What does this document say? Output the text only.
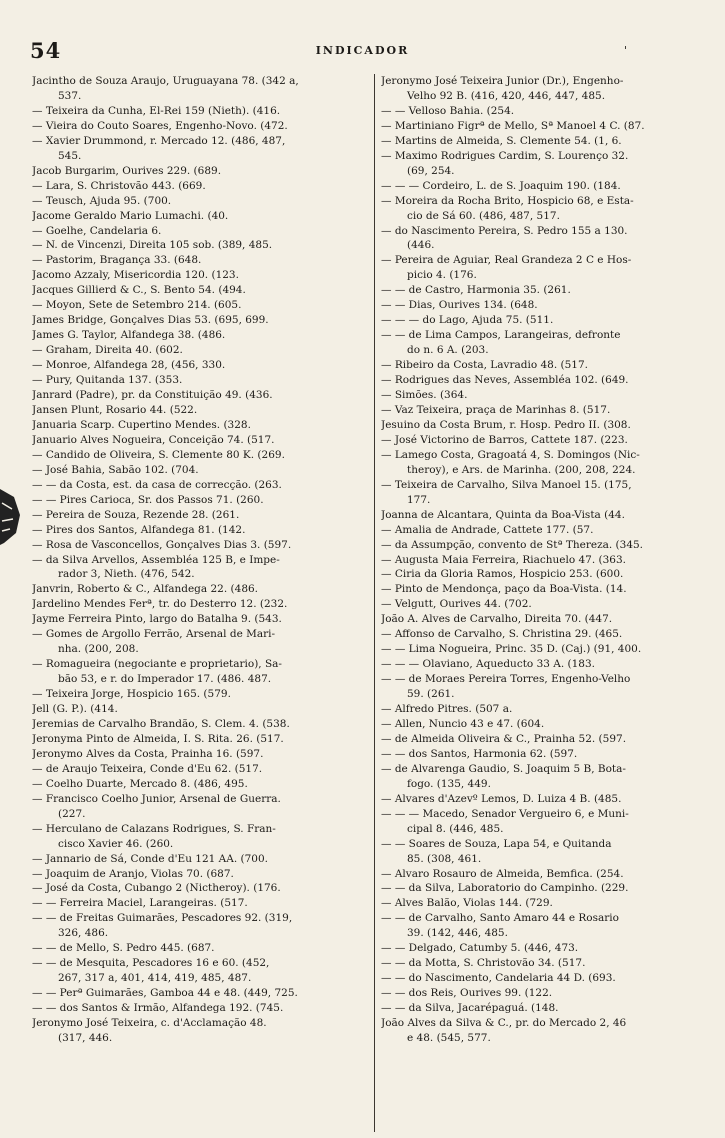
54	INDICADOR	'
Jacintho de Souza Araujo, Uruguayana 78. (342 a,
537.
— Teixeira da Cunha, El-Rei 159 (Nieth). (416.
— Vieira do Couto Soares, Engenho-Novo. (472.
— Xavier Drummond, r. Mercado 12. (486, 487,
545.
Jacob Burgarim, Ourives 229. (689.
— Lara, S. Christovão 443. (669.
— Teusch, Ajuda 95. (700.
Jacome Geraldo Mario Lumachi. (40.
— Goelhe, Candelaria 6.
— N. de Vincenzi, Direita 105 sob. (389, 485.
— Pastorim, Bragança 33. (648.
Jacomo Azzaly, Misericordia 120. (123.
Jacques Gillierd & C., S. Bento 54. (494.
— Moyon, Sete de Setembro 214. (605.
James Bridge, Gonçalves Dias 53. (695, 699.
James G. Taylor, Alfandega 38. (486.
— Graham, Direita 40. (602.
— Monroe, Alfandega 28, (456, 330.
— Pury, Quitanda 137. (353.
Janrard (Padre), pr. da Constituição 49. (436.
Jansen Plunt, Rosario 44. (522.
Januaria Scarp. Cupertino Mendes. (328.
Januario Alves Nogueira, Conceição 74. (517.
— Candido de Oliveira, S. Clemente 80 K. (269.
— José Bahia, Sabão 102. (704.
— — da Costa, est. da casa de correcção. (263.
— — Pires Carioca, Sr. dos Passos 71. (260.
— Pereira de Souza, Rezende 28. (261.
— Pires dos Santos, Alfandega 81. (142.
— Rosa de Vasconcellos, Gonçalves Dias 3. (597.
— da Silva Arvellos, Assembléa 125 B, e Impe-
rador 3, Nieth. (476, 542.
Janvrin, Roberto & C., Alfandega 22. (486.
Jardelino Mendes Ferª, tr. do Desterro 12. (232.
Jayme Ferreira Pinto, largo do Batalha 9. (543.
— Gomes de Argollo Ferrão, Arsenal de Mari-
nha. (200, 208.
— Romagueira (negociante e proprietario), Sa-
bão 53, e r. do Imperador 17. (486. 487.
— Teixeira Jorge, Hospicio 165. (579.
Jell (G. P.). (414.
Jeremias de Carvalho Brandão, S. Clem. 4. (538.
Jeronyma Pinto de Almeida, I. S. Rita. 26. (517.
Jeronymo Alves da Costa, Prainha 16. (597.
— de Araujo Teixeira, Conde d'Eu 62. (517.
— Coelho Duarte, Mercado 8. (486, 495.
— Francisco Coelho Junior, Arsenal de Guerra.
(227.
— Herculano de Calazans Rodrigues, S. Fran-
cisco Xavier 46. (260.
— Jannario de Sá, Conde d'Eu 121 AA. (700.
— Joaquim de Aranjo, Violas 70. (687.
— José da Costa, Cubango 2 (Nictheroy). (176.
— — Ferreira Maciel, Larangeiras. (517.
— — de Freitas Guimarães, Pescadores 92. (319,
326, 486.
— — de Mello, S. Pedro 445. (687.
— — de Mesquita, Pescadores 16 e 60. (452,
267, 317 a, 401, 414, 419, 485, 487.
— — Perª Guimarães, Gamboa 44 e 48. (449, 725.
— — dos Santos & Irmão, Alfandega 192. (745.
Jeronymo José Teixeira, c. d'Acclamação 48.
(317, 446.
Jeronymo José Teixeira Junior (Dr.), Engenho-
Velho 92 B. (416, 420, 446, 447, 485.
— — Velloso Bahia. (254.
— Martiniano Figrª de Mello, Sª Manoel 4 C. (87.
— Martins de Almeida, S. Clemente 54. (1, 6.
— Maximo Rodrigues Cardim, S. Lourenço 32.
(69, 254.
— — — Cordeiro, L. de S. Joaquim 190. (184.
— Moreira da Rocha Brito, Hospicio 68, e Esta-
cio de Sá 60. (486, 487, 517.
— do Nascimento Pereira, S. Pedro 155 a 130.
(446.
— Pereira de Aguiar, Real Grandeza 2 C e Hos-
picio 4. (176.
— — de Castro, Harmonia 35. (261.
— — Dias, Ourives 134. (648.
— — — do Lago, Ajuda 75. (511.
— — de Lima Campos, Larangeiras, defronte
do n. 6 A. (203.
— Ribeiro da Costa, Lavradio 48. (517.
— Rodrigues das Neves, Assembléa 102. (649.
— Simões. (364.
— Vaz Teixeira, praça de Marinhas 8. (517.
Jesuino da Costa Brum, r. Hosp. Pedro II. (308.
— José Victorino de Barros, Cattete 187. (223.
— Lamego Costa, Gragoatá 4, S. Domingos (Nic-
theroy), e Ars. de Marinha. (200, 208, 224.
— Teixeira de Carvalho, Silva Manoel 15. (175,
177.
Joanna de Alcantara, Quinta da Boa-Vista (44.
— Amalia de Andrade, Cattete 177. (57.
— da Assumpção, convento de Stª Thereza. (345.
— Augusta Maia Ferreira, Riachuelo 47. (363.
— Ciria da Gloria Ramos, Hospicio 253. (600.
— Pinto de Mendonça, paço da Boa-Vista. (14.
— Velgutt, Ourives 44. (702.
João A. Alves de Carvalho, Direita 70. (447.
— Affonso de Carvalho, S. Christina 29. (465.
— — Lima Nogueira, Princ. 35 D. (Caj.) (91, 400.
— — — Olaviano, Aqueducto 33 A. (183.
— — de Moraes Pereira Torres, Engenho-Velho
59. (261.
— Alfredo Pitres. (507 a.
— Allen, Nuncio 43 e 47. (604.
— de Almeida Oliveira & C., Prainha 52. (597.
— — dos Santos, Harmonia 62. (597.
— de Alvarenga Gaudio, S. Joaquim 5 B, Bota-
fogo. (135, 449.
— Alvares d'Azevº Lemos, D. Luiza 4 B. (485.
— — — Macedo, Senador Vergueiro 6, e Muni-
cipal 8. (446, 485.
— — Soares de Souza, Lapa 54, e Quitanda
85. (308, 461.
— Alvaro Rosauro de Almeida, Bemfica. (254.
— — da Silva, Laboratorio do Campinho. (229.
— Alves Balão, Violas 144. (729.
— — de Carvalho, Santo Amaro 44 e Rosario
39. (142, 446, 485.
— — Delgado, Catumby 5. (446, 473.
— — da Motta, S. Christovão 34. (517.
— — do Nascimento, Candelaria 44 D. (693.
— — dos Reis, Ourives 99. (122.
— — da Silva, Jacarépaguá. (148.
João Alves da Silva & C., pr. do Mercado 2, 46
e 48. (545, 577.
